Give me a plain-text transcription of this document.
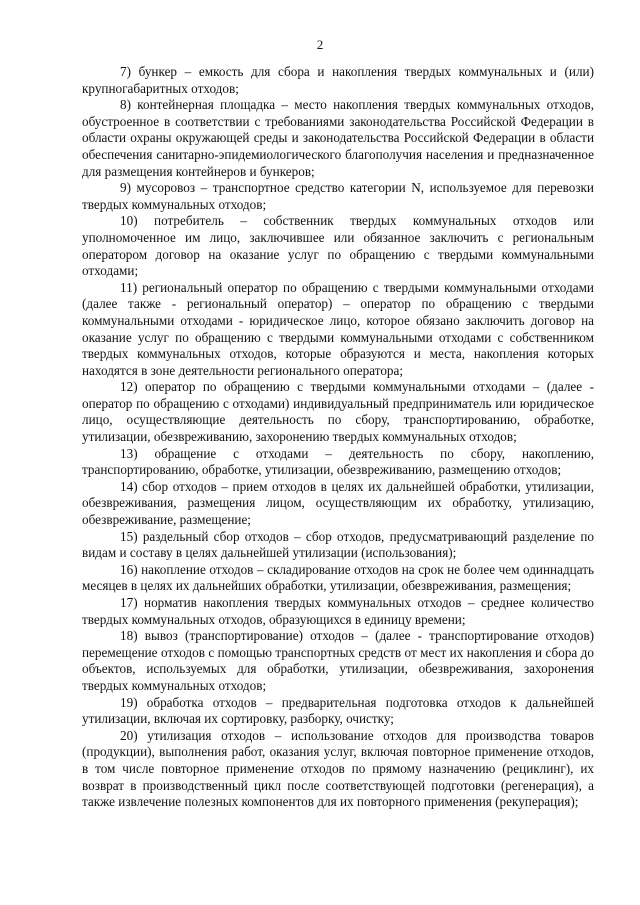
2

7) бункер – емкость для сбора и накопления твердых коммунальных и (или) крупногабаритных отходов;

8) контейнерная площадка – место накопления твердых коммунальных отходов, обустроенное в соответствии с требованиями законодательства Российской Федерации в области охраны окружающей среды и законодательства Российской Федерации в области обеспечения санитарно-эпидемиологического благополучия населения и предназначенное для размещения контейнеров и бункеров;

9) мусоровоз – транспортное средство категории N, используемое для перевозки твердых коммунальных отходов;

10) потребитель – собственник твердых коммунальных отходов или уполномоченное им лицо, заключившее или обязанное заключить с региональным оператором договор на оказание услуг по обращению с твердыми коммунальными отходами;

11) региональный оператор по обращению с твердыми коммунальными отходами (далее также - региональный оператор) – оператор по обращению с твердыми коммунальными отходами - юридическое лицо, которое обязано заключить договор на оказание услуг по обращению с твердыми коммунальными отходами с собственником твердых коммунальных отходов, которые образуются и места, накопления которых находятся в зоне деятельности регионального оператора;

12) оператор по обращению с твердыми коммунальными отходами – (далее - оператор по обращению с отходами) индивидуальный предприниматель или юридическое лицо, осуществляющие деятельность по сбору, транспортированию, обработке, утилизации, обезвреживанию, захоронению твердых коммунальных отходов;

13) обращение с отходами – деятельность по сбору, накоплению, транспортированию, обработке, утилизации, обезвреживанию, размещению отходов;

14) сбор отходов – прием отходов в целях их дальнейшей обработки, утилизации, обезвреживания, размещения лицом, осуществляющим их обработку, утилизацию, обезвреживание, размещение;

15) раздельный сбор отходов – сбор отходов, предусматривающий разделение по видам и составу в целях дальнейшей утилизации (использования);

16) накопление отходов – складирование отходов на срок не более чем одиннадцать месяцев в целях их дальнейших обработки, утилизации, обезвреживания, размещения;

17) норматив накопления твердых коммунальных отходов – среднее количество твердых коммунальных отходов, образующихся в единицу времени;

18) вывоз (транспортирование) отходов – (далее - транспортирование отходов) перемещение отходов с помощью транспортных средств от мест их накопления и сбора до объектов, используемых для обработки, утилизации, обезвреживания, захоронения твердых коммунальных отходов;

19) обработка отходов – предварительная подготовка отходов к дальнейшей утилизации, включая их сортировку, разборку, очистку;

20) утилизация отходов – использование отходов для производства товаров (продукции), выполнения работ, оказания услуг, включая повторное применение отходов, в том числе повторное применение отходов по прямому назначению (рециклинг), их возврат в производственный цикл после соответствующей подготовки (регенерация), а также извлечение полезных компонентов для их повторного применения (рекуперация);
